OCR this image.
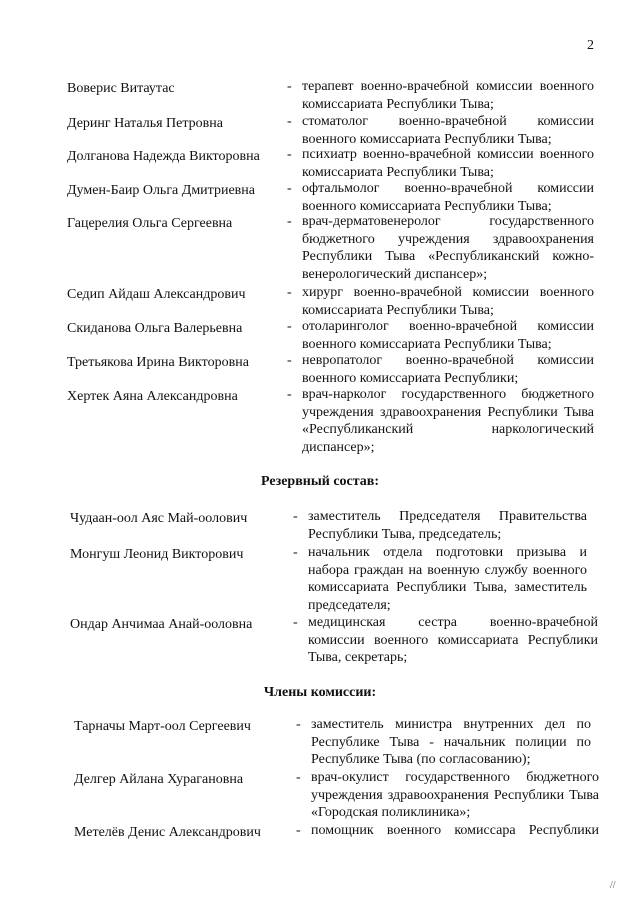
2
Воверис Витаутас	- терапевт военно-врачебной комиссии военного комиссариата Республики Тыва;
Деринг Наталья Петровна	- стоматолог военно-врачебной комиссии военного комиссариата Республики Тыва;
Долганова Надежда Викторовна - психиатр военно-врачебной комиссии военного комиссариата Республики Тыва;
Думен-Баир Ольга Дмитриевна - офтальмолог военно-врачебной комиссии военного комиссариата Республики Тыва;
Гацерелия Ольга Сергеевна	- врач-дерматовенеролог государственного бюджетного учреждения здравоохранения Республики Тыва «Республиканский кожно-венерологический диспансер»;
Седип Айдаш Александрович	- хирург военно-врачебной комиссии военного комиссариата Республики Тыва;
Скиданова Ольга Валерьевна	- отоларинголог военно-врачебной комиссии военного комиссариата Республики Тыва;
Третьякова Ирина Викторовна	- невропатолог военно-врачебной комиссии военного комиссариата Республики;
Хертек Аяна Александровна	- врач-нарколог государственного бюджетного учреждения здравоохранения Республики Тыва «Республиканский наркологический диспансер»;
Резервный состав:
Чудаан-оол Аяс Май-оолович	- заместитель Председателя Правительства Республики Тыва, председатель;
Монгуш Леонид Викторович	- начальник отдела подготовки призыва и набора граждан на военную службу военного комиссариата Республики Тыва, заместитель председателя;
Ондар Анчимаа Анай-ооловна	- медицинская сестра военно-врачебной комиссии военного комиссариата Республики Тыва, секретарь;
Члены комиссии:
Тарначы Март-оол Сергеевич	- заместитель министра внутренних дел по Республике Тыва - начальник полиции по Республике Тыва (по согласованию);
Делгер Айлана Хурагановна	- врач-окулист государственного бюджетного учреждения здравоохранения Республики Тыва «Городская поликлиника»;
Метелёв Денис Александрович	- помощник военного комиссара Республики
//
